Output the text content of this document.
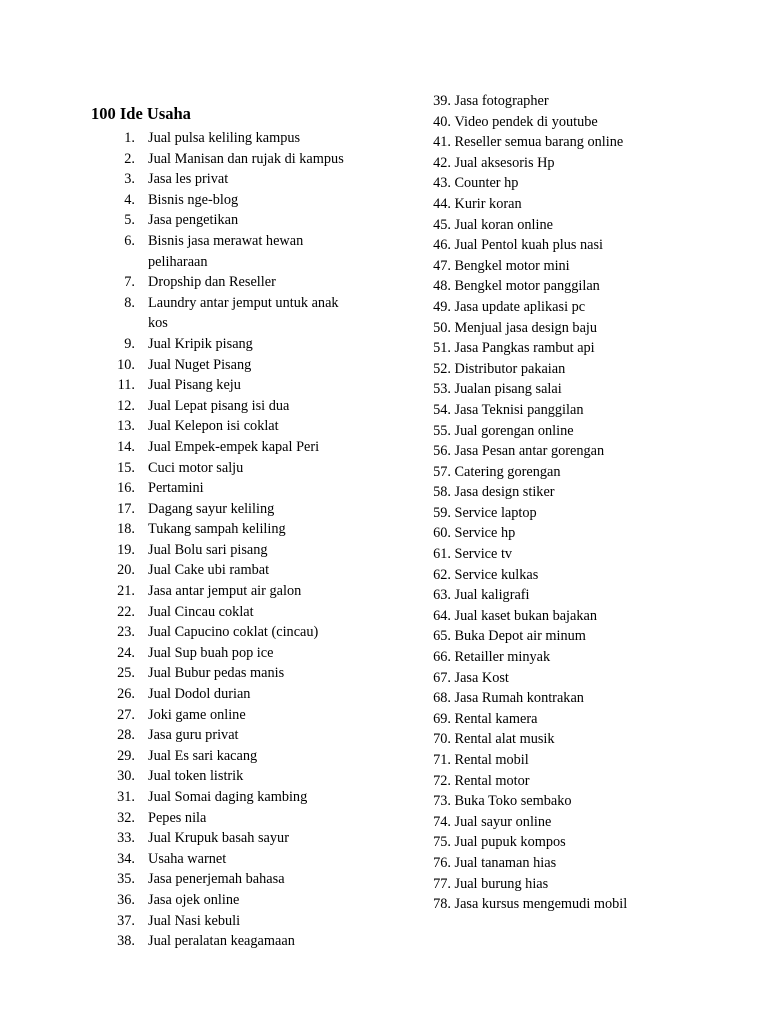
100 Ide Usaha
1. Jual pulsa keliling kampus
2. Jual Manisan dan rujak di kampus
3. Jasa les privat
4. Bisnis nge-blog
5. Jasa pengetikan
6. Bisnis jasa merawat hewan peliharaan
7. Dropship dan Reseller
8. Laundry antar jemput untuk anak kos
9. Jual Kripik pisang
10. Jual Nuget Pisang
11. Jual Pisang keju
12. Jual Lepat pisang isi dua
13. Jual Kelepon isi coklat
14. Jual Empek-empek kapal Peri
15. Cuci motor salju
16. Pertamini
17. Dagang sayur keliling
18. Tukang sampah keliling
19. Jual Bolu sari pisang
20. Jual Cake ubi rambat
21. Jasa antar jemput air galon
22. Jual Cincau coklat
23. Jual Capucino coklat (cincau)
24. Jual Sup buah pop ice
25. Jual Bubur pedas manis
26. Jual Dodol durian
27. Joki game online
28. Jasa guru privat
29. Jual Es sari kacang
30. Jual token listrik
31. Jual Somai daging kambing
32. Pepes nila
33. Jual Krupuk basah sayur
34. Usaha warnet
35. Jasa penerjemah bahasa
36. Jasa ojek online
37. Jual Nasi kebuli
38. Jual peralatan keagamaan
39. Jasa fotographer
40. Video pendek di youtube
41. Reseller semua barang online
42. Jual aksesoris Hp
43. Counter hp
44. Kurir koran
45. Jual koran online
46. Jual Pentol kuah plus nasi
47. Bengkel motor mini
48. Bengkel motor panggilan
49. Jasa update aplikasi pc
50. Menjual jasa design baju
51. Jasa Pangkas rambut api
52. Distributor pakaian
53. Jualan pisang salai
54. Jasa Teknisi panggilan
55. Jual gorengan online
56. Jasa Pesan antar gorengan
57. Catering gorengan
58. Jasa design stiker
59. Service laptop
60. Service hp
61. Service tv
62. Service kulkas
63. Jual kaligrafi
64. Jual kaset bukan bajakan
65. Buka Depot air minum
66. Retailler minyak
67. Jasa Kost
68. Jasa Rumah kontrakan
69. Rental kamera
70. Rental alat musik
71. Rental mobil
72. Rental motor
73. Buka Toko sembako
74. Jual sayur online
75. Jual pupuk kompos
76. Jual tanaman hias
77. Jual burung hias
78. Jasa kursus mengemudi mobil
